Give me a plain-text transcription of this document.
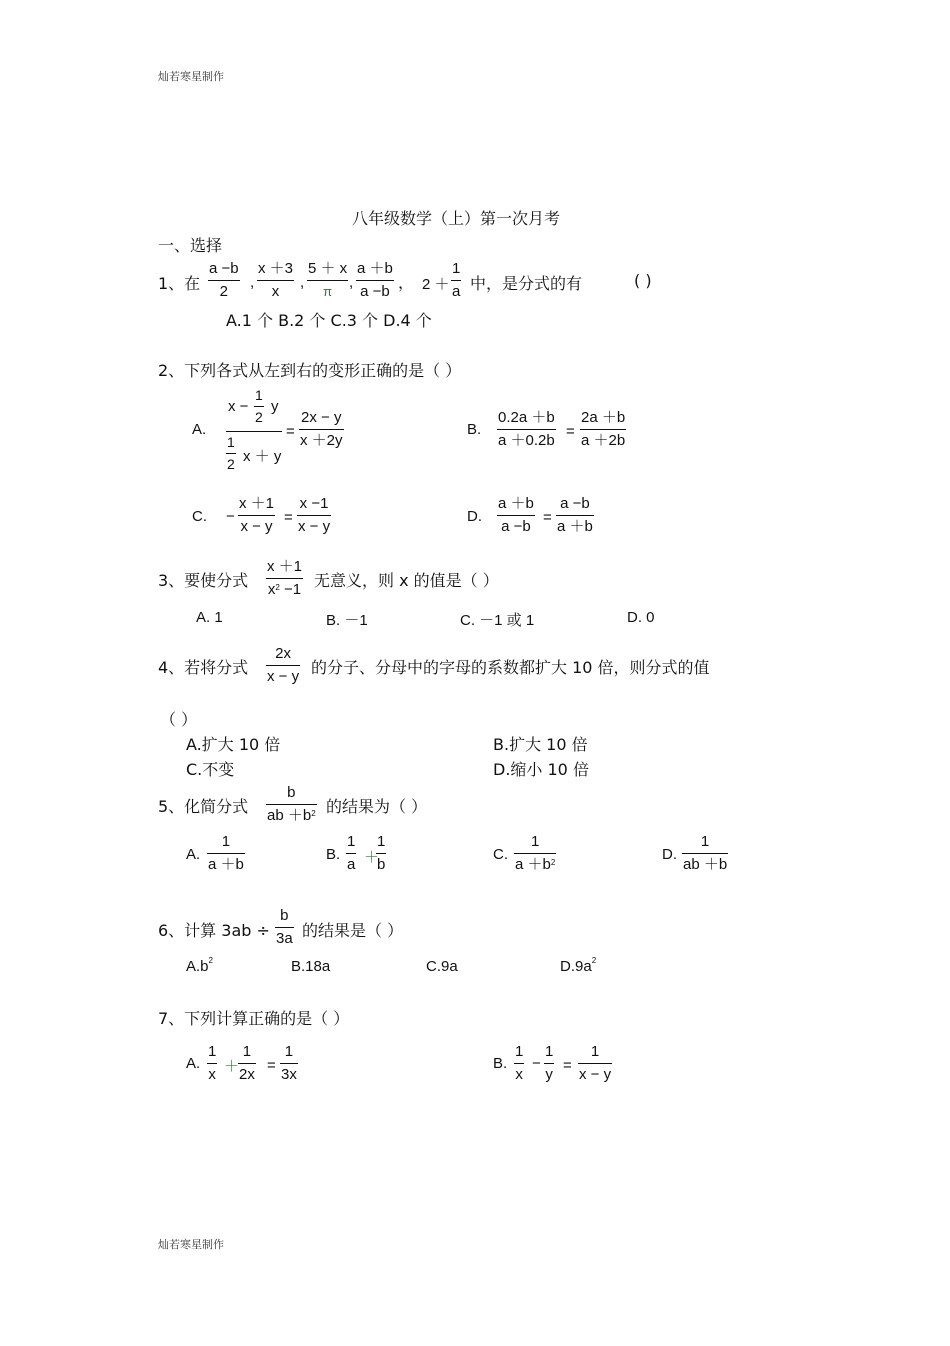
灿若寒星制作
灿若寒星制作
八年级数学（上）第一次月考
一、选择
1、在
a −b
2
,
x ＋3
x
,
5 ＋ x
π
,
a ＋b
a −b ， 2 ＋
1
a 中，是分式的有	( )
A.1 个 B.2 个 C.3 个 D.4 个
2、下列各式从左到右的变形正确的是（ ）
A.
x −
1
2
y
1
2 x ＋ y
=
2x − y
x ＋2y
B.
0.2a ＋b
a ＋0.2b
=
2a ＋b
a ＋2b
C. −
x ＋1
x − y
=
x −1
x − y
D.
a ＋b
a −b
=
a −b
a ＋b
3、要使分式
x ＋1
$x^2 -1$ 无意义，则 x 的值是（ ）
A. 1	B. －1	C. －1 或 1	D. 0
4、若将分式
2x
x − y 的分子、分母中的字母的系数都扩大 10 倍，则分式的值
（ ）
A.扩大 10 倍	B.扩大 10 倍
C.不变	D.缩小 10 倍
5、化简分式
b
ab $+b^2$ 的结果为（ ）
A.
1
a ＋b
B.
1
a ＋
1
b
C.
1
$a +b^2$	D.
1
ab ＋b
6、计算 3ab ÷
b
3a 的结果是（ ）
$A.b^2$	B.18a	C.9a	$D.9a^2$
7、下列计算正确的是（ ）
A.
1
x ＋
1
2x
=
1
3x
B.
1
x
−
1
y
=
1
x − y
